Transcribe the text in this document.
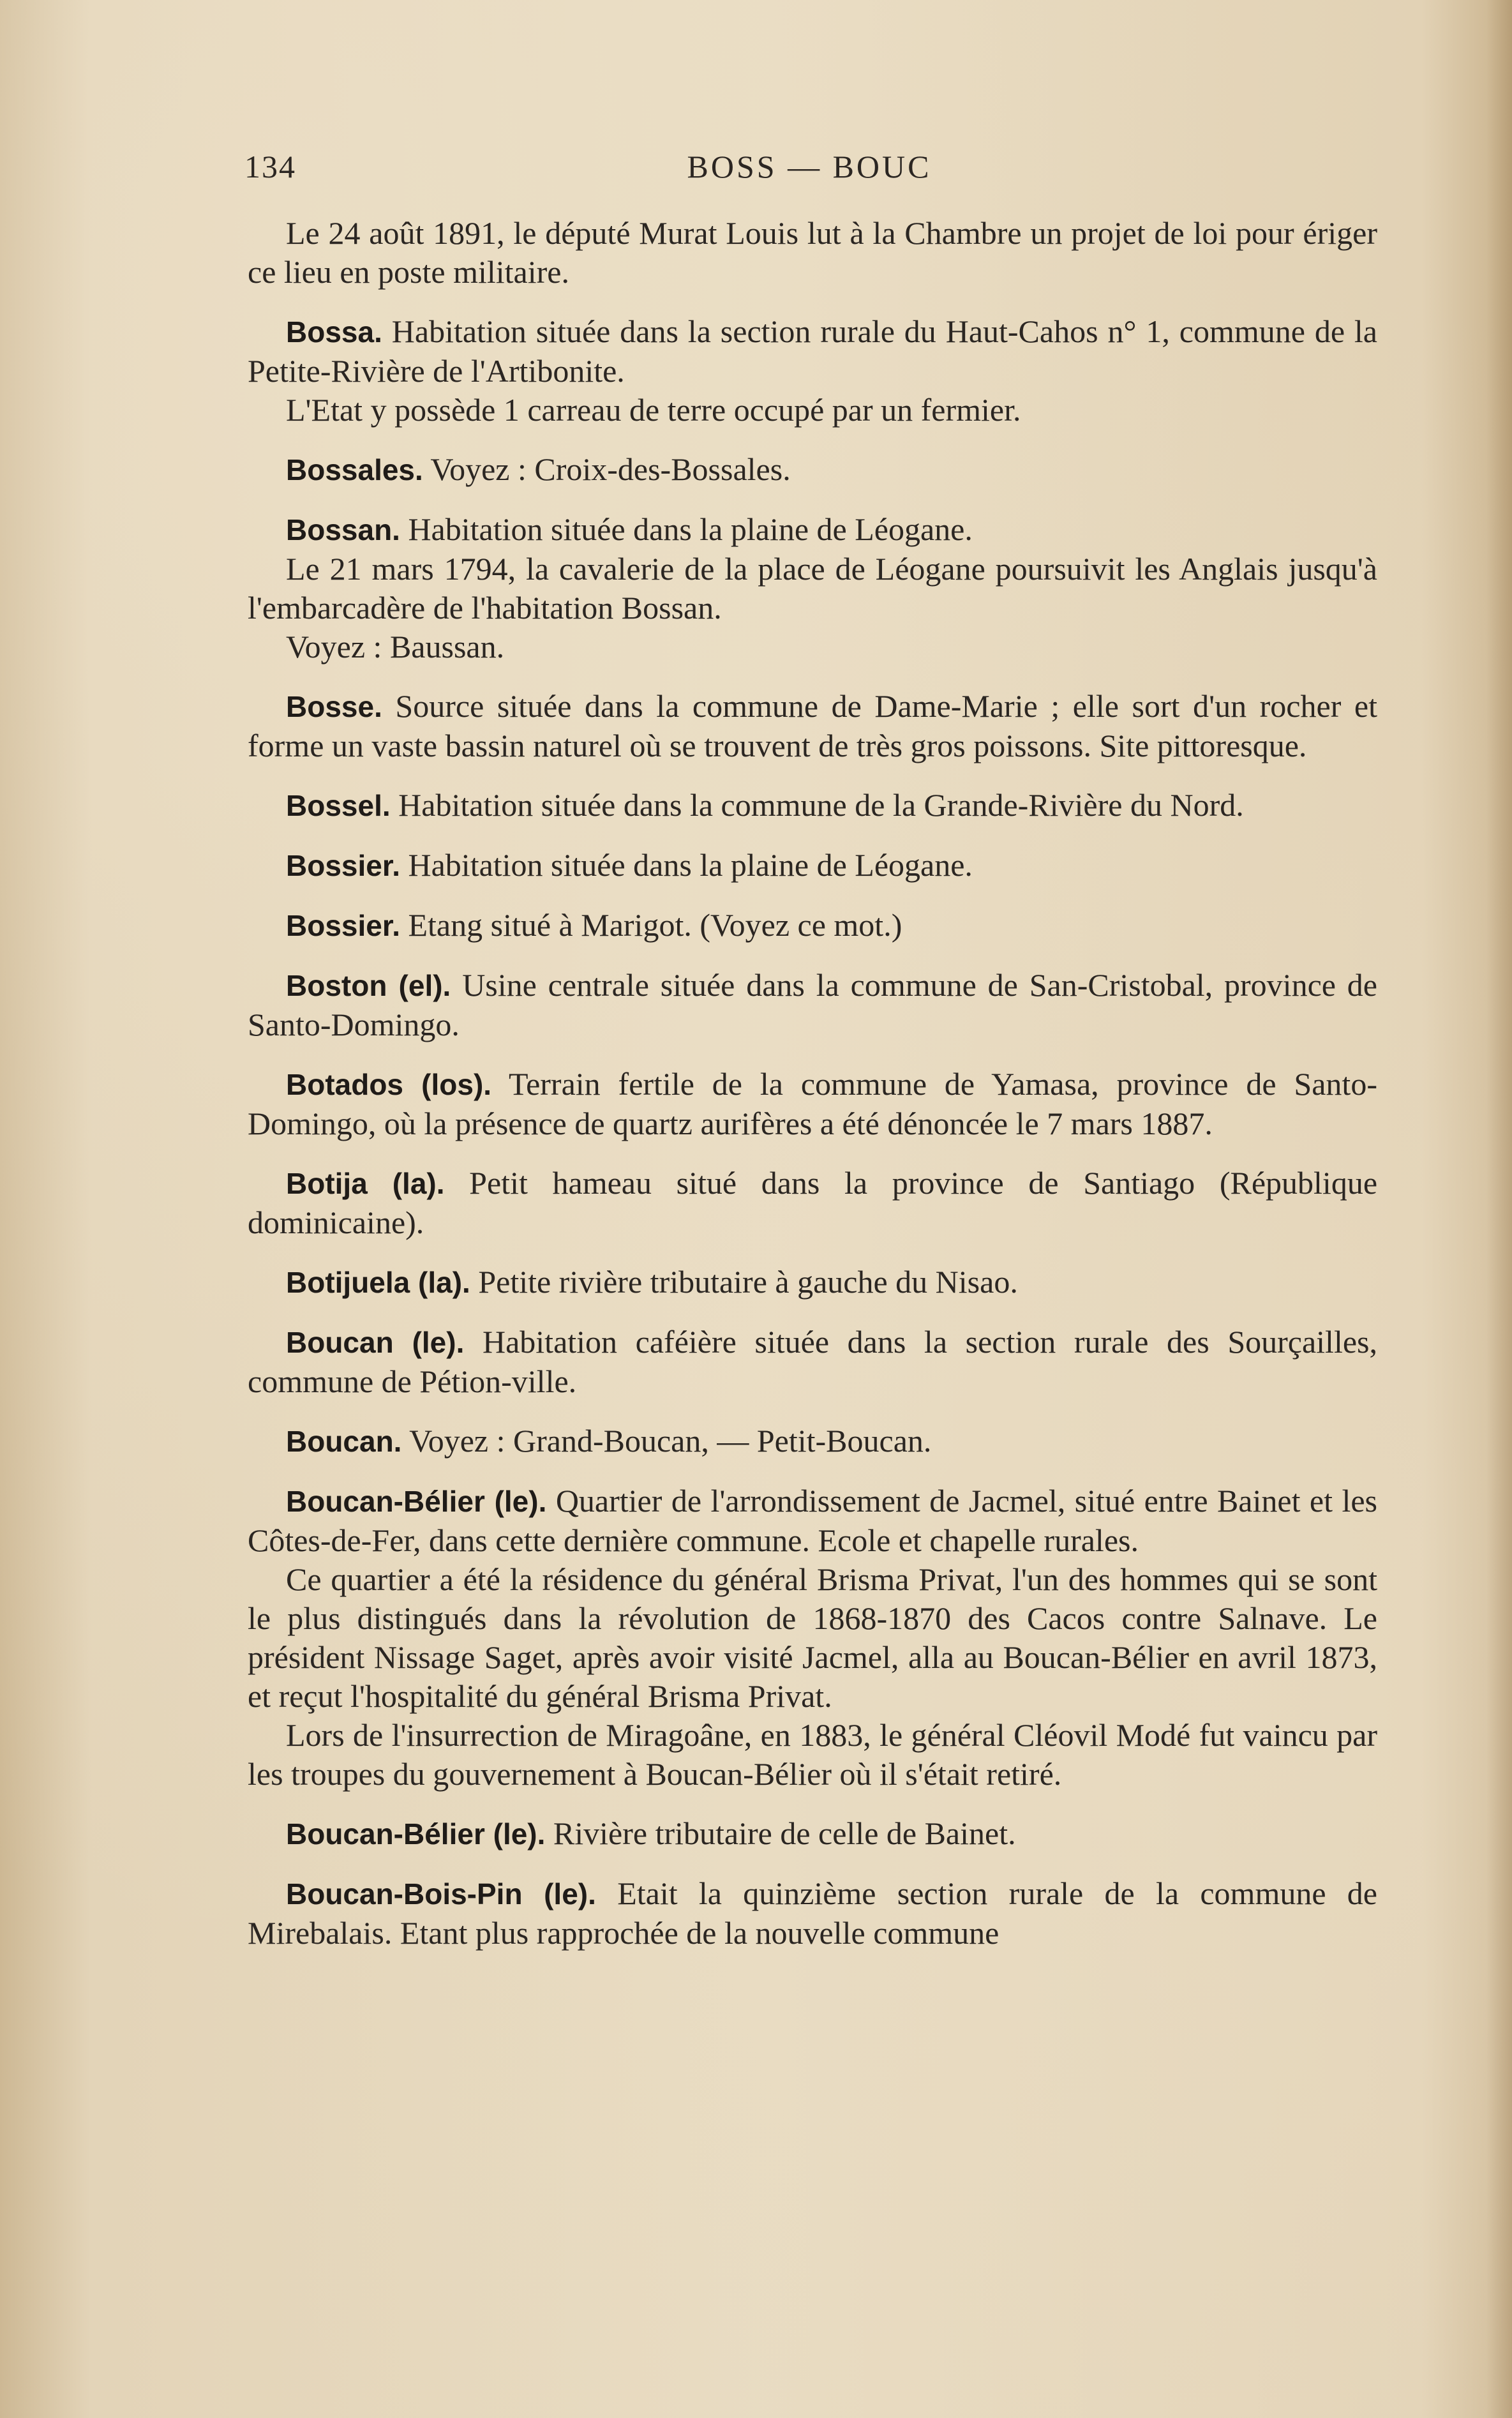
134	BOSS — BOUC

Le 24 août 1891, le député Murat Louis lut à la Chambre un projet de loi pour ériger ce lieu en poste militaire.

Bossa. Habitation située dans la section rurale du Haut-Cahos n° 1, commune de la Petite-Rivière de l'Artibonite.

L'Etat y possède 1 carreau de terre occupé par un fermier.

Bossales. Voyez : Croix-des-Bossales.

Bossan. Habitation située dans la plaine de Léogane.

Le 21 mars 1794, la cavalerie de la place de Léogane poursuivit les Anglais jusqu'à l'embarcadère de l'habitation Bossan.

Voyez : Baussan.

Bosse. Source située dans la commune de Dame-Marie ; elle sort d'un rocher et forme un vaste bassin naturel où se trouvent de très gros poissons. Site pittoresque.

Bossel. Habitation située dans la commune de la Grande-Rivière du Nord.

Bossier. Habitation située dans la plaine de Léogane.

Bossier. Etang situé à Marigot. (Voyez ce mot.)

Boston (el). Usine centrale située dans la commune de San-Cristobal, province de Santo-Domingo.

Botados (los). Terrain fertile de la commune de Yamasa, province de Santo-Domingo, où la présence de quartz aurifères a été dénoncée le 7 mars 1887.

Botija (la). Petit hameau situé dans la province de Santiago (République dominicaine).

Botijuela (la). Petite rivière tributaire à gauche du Nisao.

Boucan (le). Habitation caféière située dans la section rurale des Sourçailles, commune de Pétion-ville.

Boucan. Voyez : Grand-Boucan, — Petit-Boucan.

Boucan-Bélier (le). Quartier de l'arrondissement de Jacmel, situé entre Bainet et les Côtes-de-Fer, dans cette dernière commune. Ecole et chapelle rurales.

Ce quartier a été la résidence du général Brisma Privat, l'un des hommes qui se sont le plus distingués dans la révolution de 1868-1870 des Cacos contre Salnave. Le président Nissage Saget, après avoir visité Jacmel, alla au Boucan-Bélier en avril 1873, et reçut l'hospitalité du général Brisma Privat.

Lors de l'insurrection de Miragoâne, en 1883, le général Cléovil Modé fut vaincu par les troupes du gouvernement à Boucan-Bélier où il s'était retiré.

Boucan-Bélier (le). Rivière tributaire de celle de Bainet.

Boucan-Bois-Pin (le). Etait la quinzième section rurale de la commune de Mirebalais. Etant plus rapprochée de la nouvelle commune
